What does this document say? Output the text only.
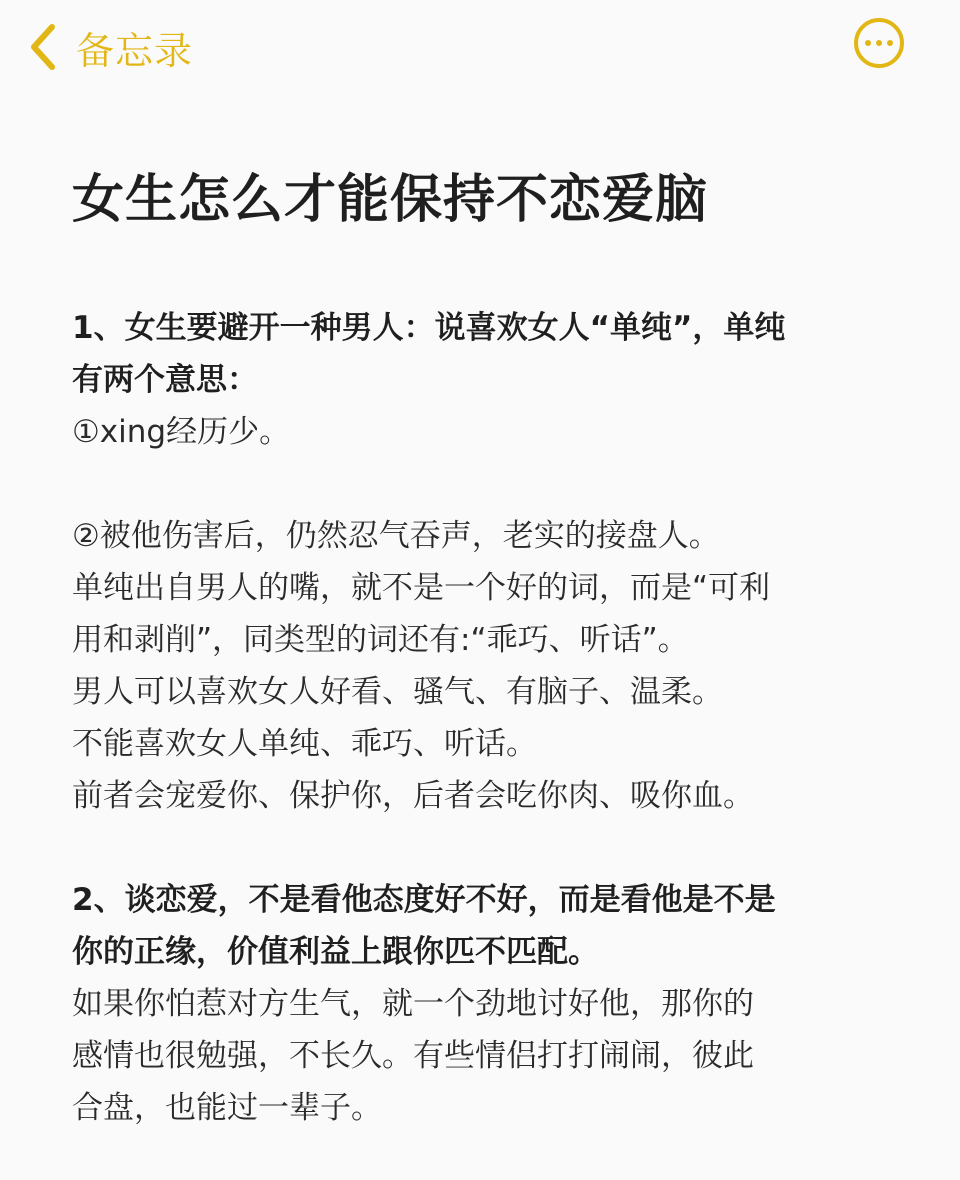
备忘录
女生怎么才能保持不恋爱脑

1、女生要避开一种男人：说喜欢女人“单纯”，单纯

有两个意思：

①xing经历少。

②被他伤害后，仍然忍气吞声，老实的接盘人。

单纯出自男人的嘴，就不是一个好的词，而是“可利

用和剥削”，同类型的词还有:“乖巧、听话”。

男人可以喜欢女人好看、骚气、有脑子、温柔。

不能喜欢女人单纯、乖巧、听话。

前者会宠爱你、保护你，后者会吃你肉、吸你血。

2、谈恋爱，不是看他态度好不好，而是看他是不是

你的正缘，价值利益上跟你匹不匹配。

如果你怕惹对方生气，就一个劲地讨好他，那你的

感情也很勉强，不长久。有些情侣打打闹闹，彼此

合盘，也能过一辈子。
